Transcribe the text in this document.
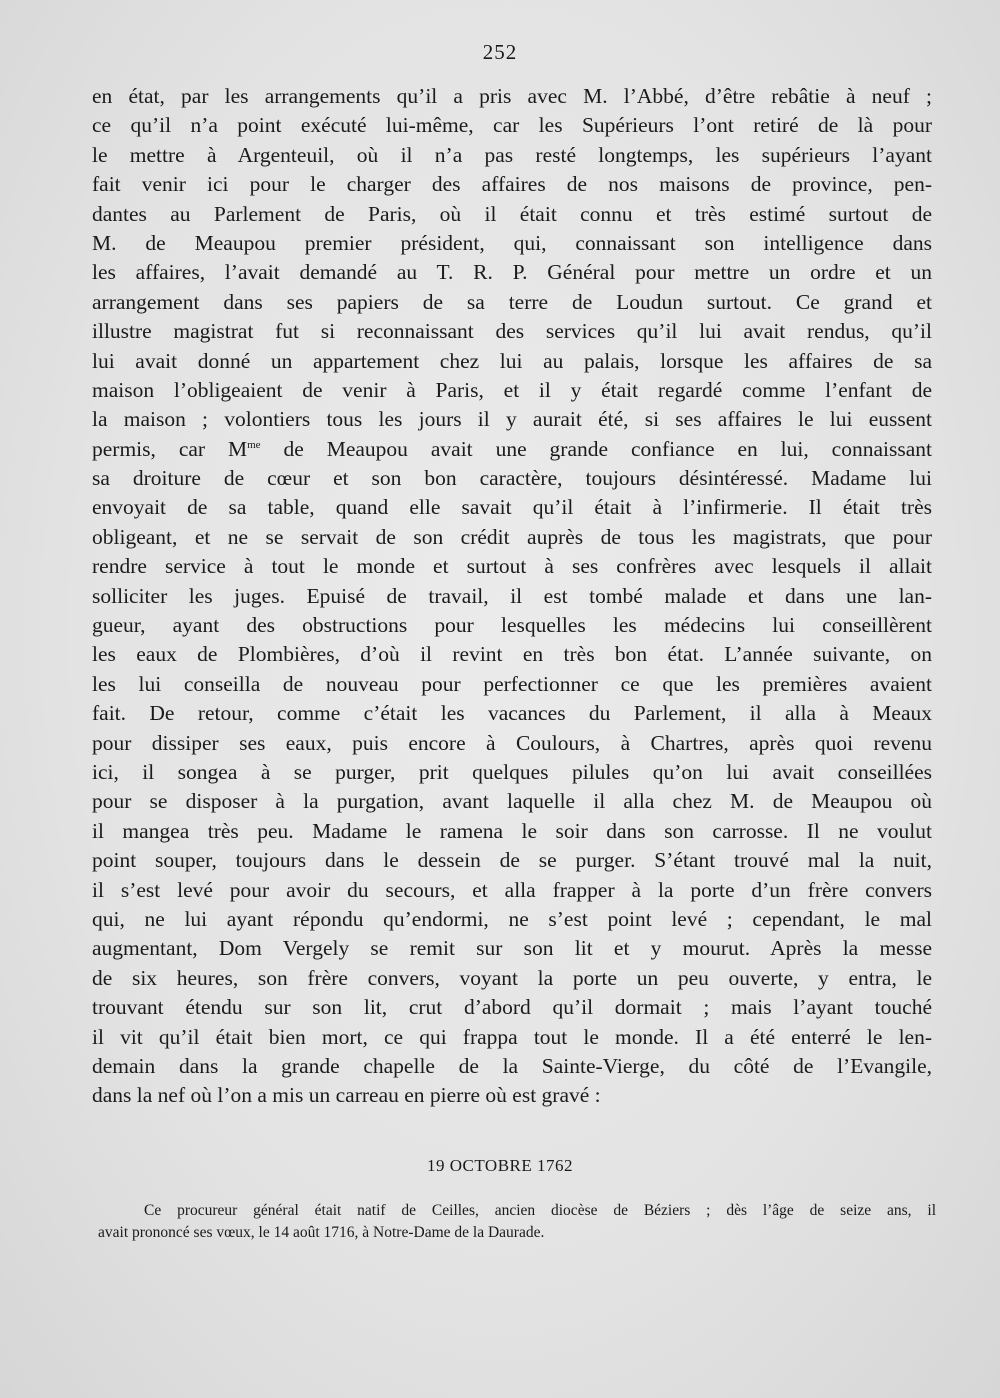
252
en état, par les arrangements qu’il a pris avec M. l’Abbé, d’être rebâtie à neuf ;
ce qu’il n’a point exécuté lui-même, car les Supérieurs l’ont retiré de là pour
le mettre à Argenteuil, où il n’a pas resté longtemps, les supérieurs l’ayant
fait venir ici pour le charger des affaires de nos maisons de province, pen-
dantes au Parlement de Paris, où il était connu et très estimé surtout de
M. de Meaupou premier président, qui, connaissant son intelligence dans
les affaires, l’avait demandé au T. R. P. Général pour mettre un ordre et un
arrangement dans ses papiers de sa terre de Loudun surtout. Ce grand et
illustre magistrat fut si reconnaissant des services qu’il lui avait rendus, qu’il
lui avait donné un appartement chez lui au palais, lorsque les affaires de sa
maison l’obligeaient de venir à Paris, et il y était regardé comme l’enfant de
la maison ; volontiers tous les jours il y aurait été, si ses affaires le lui eussent
permis, car $M^{me}$ de Meaupou avait une grande confiance en lui, connaissant
sa droiture de cœur et son bon caractère, toujours désintéressé. Madame lui
envoyait de sa table, quand elle savait qu’il était à l’infirmerie. Il était très
obligeant, et ne se servait de son crédit auprès de tous les magistrats, que pour
rendre service à tout le monde et surtout à ses confrères avec lesquels il allait
solliciter les juges. Epuisé de travail, il est tombé malade et dans une lan-
gueur, ayant des obstructions pour lesquelles les médecins lui conseillèrent
les eaux de Plombières, d’où il revint en très bon état. L’année suivante, on
les lui conseilla de nouveau pour perfectionner ce que les premières avaient
fait. De retour, comme c’était les vacances du Parlement, il alla à Meaux
pour dissiper ses eaux, puis encore à Coulours, à Chartres, après quoi revenu
ici, il songea à se purger, prit quelques pilules qu’on lui avait conseillées
pour se disposer à la purgation, avant laquelle il alla chez M. de Meaupou où
il mangea très peu. Madame le ramena le soir dans son carrosse. Il ne voulut
point souper, toujours dans le dessein de se purger. S’étant trouvé mal la nuit,
il s’est levé pour avoir du secours, et alla frapper à la porte d’un frère convers
qui, ne lui ayant répondu qu’endormi, ne s’est point levé ; cependant, le mal
augmentant, Dom Vergely se remit sur son lit et y mourut. Après la messe
de six heures, son frère convers, voyant la porte un peu ouverte, y entra, le
trouvant étendu sur son lit, crut d’abord qu’il dormait ; mais l’ayant touché
il vit qu’il était bien mort, ce qui frappa tout le monde. Il a été enterré le len-
demain dans la grande chapelle de la Sainte-Vierge, du côté de l’Evangile,
dans la nef où l’on a mis un carreau en pierre où est gravé :
19 OCTOBRE 1762
Ce procureur général était natif de Ceilles, ancien diocèse de Béziers ; dès l’âge de seize ans, il
avait prononcé ses vœux, le 14 août 1716, à Notre-Dame de la Daurade.
